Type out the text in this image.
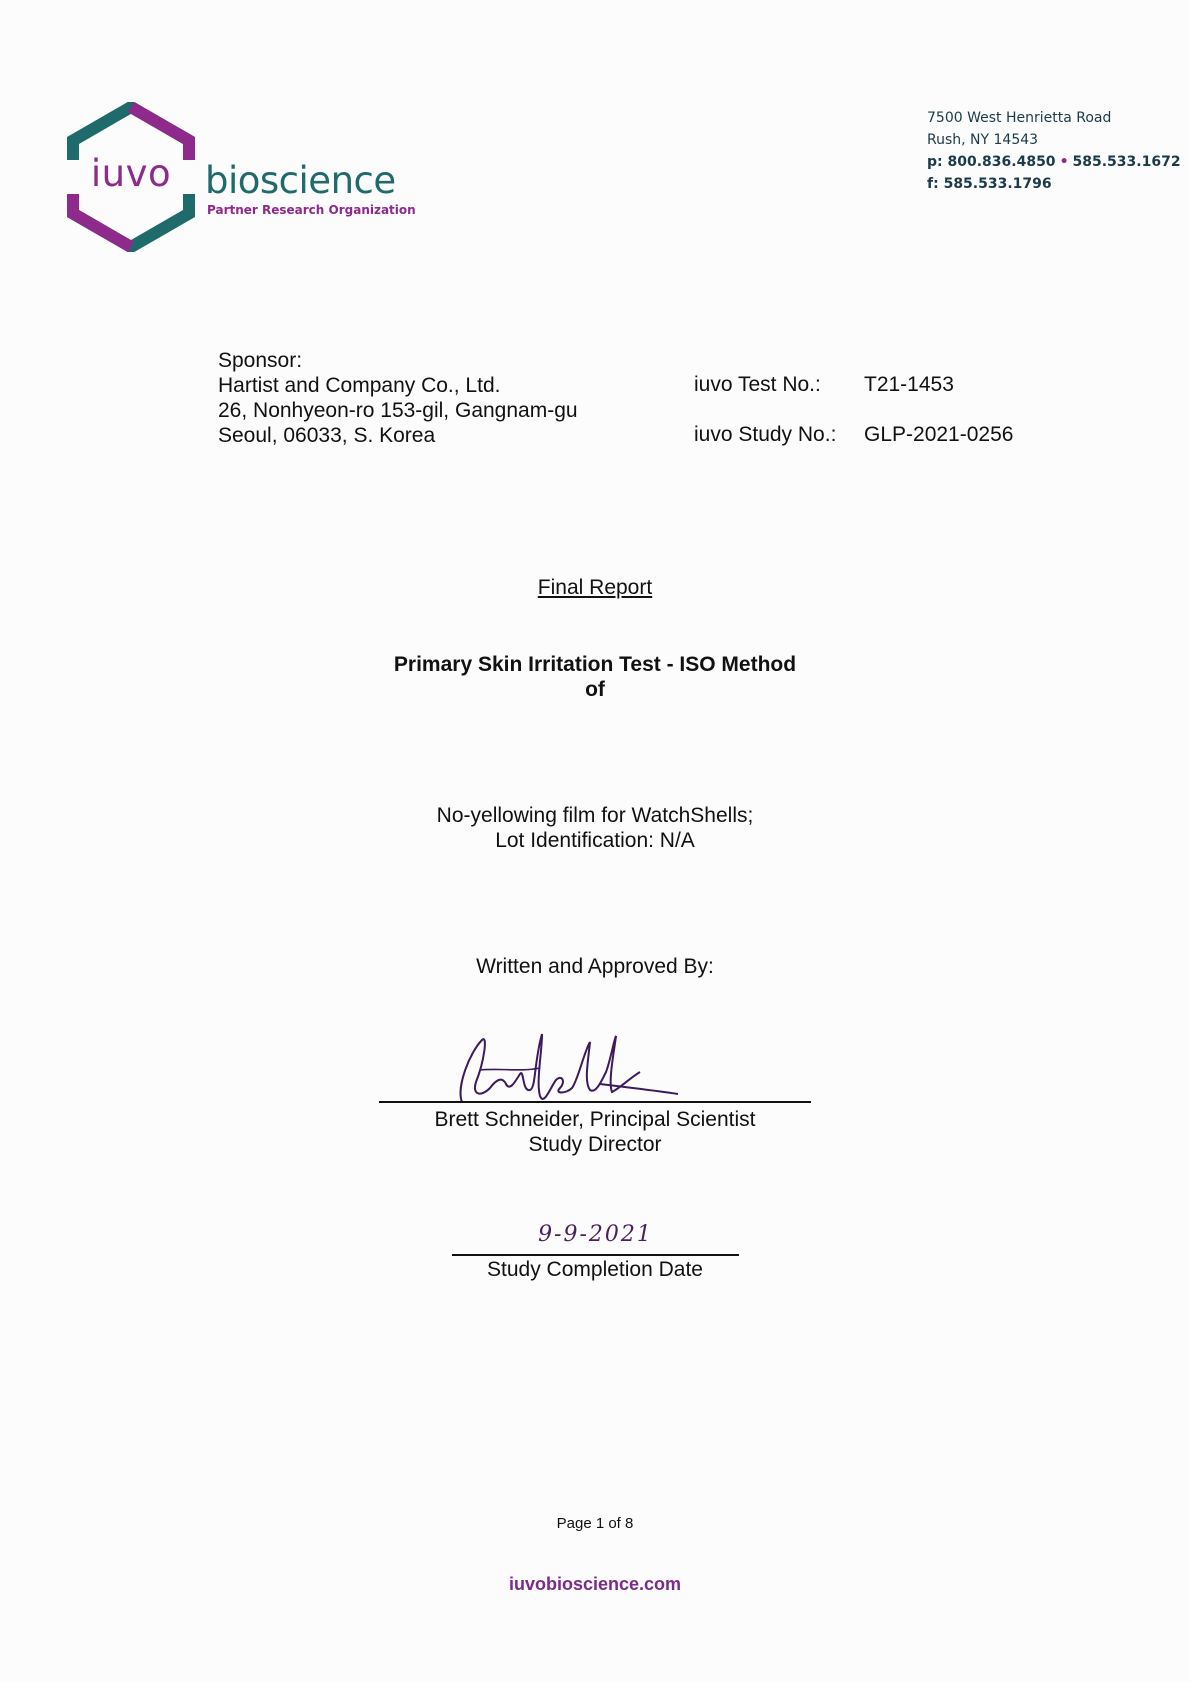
iuvo bioscience
Partner Research Organization
7500 West Henrietta Road
Rush, NY 14543
p: 800.836.4850 • 585.533.1672
f: 585.533.1796
Sponsor:
Hartist and Company Co., Ltd.
26, Nonhyeon-ro 153-gil, Gangnam-gu
Seoul, 06033, S. Korea
iuvo Test No.: T21-1453
iuvo Study No.: GLP-2021-0256
Final Report
Primary Skin Irritation Test - ISO Method
of
No-yellowing film for WatchShells;
Lot Identification: N/A
Written and Approved By:
Brett Schneider, Principal Scientist
Study Director
9-9-2021
Study Completion Date
Page 1 of 8
iuvobioscience.com
